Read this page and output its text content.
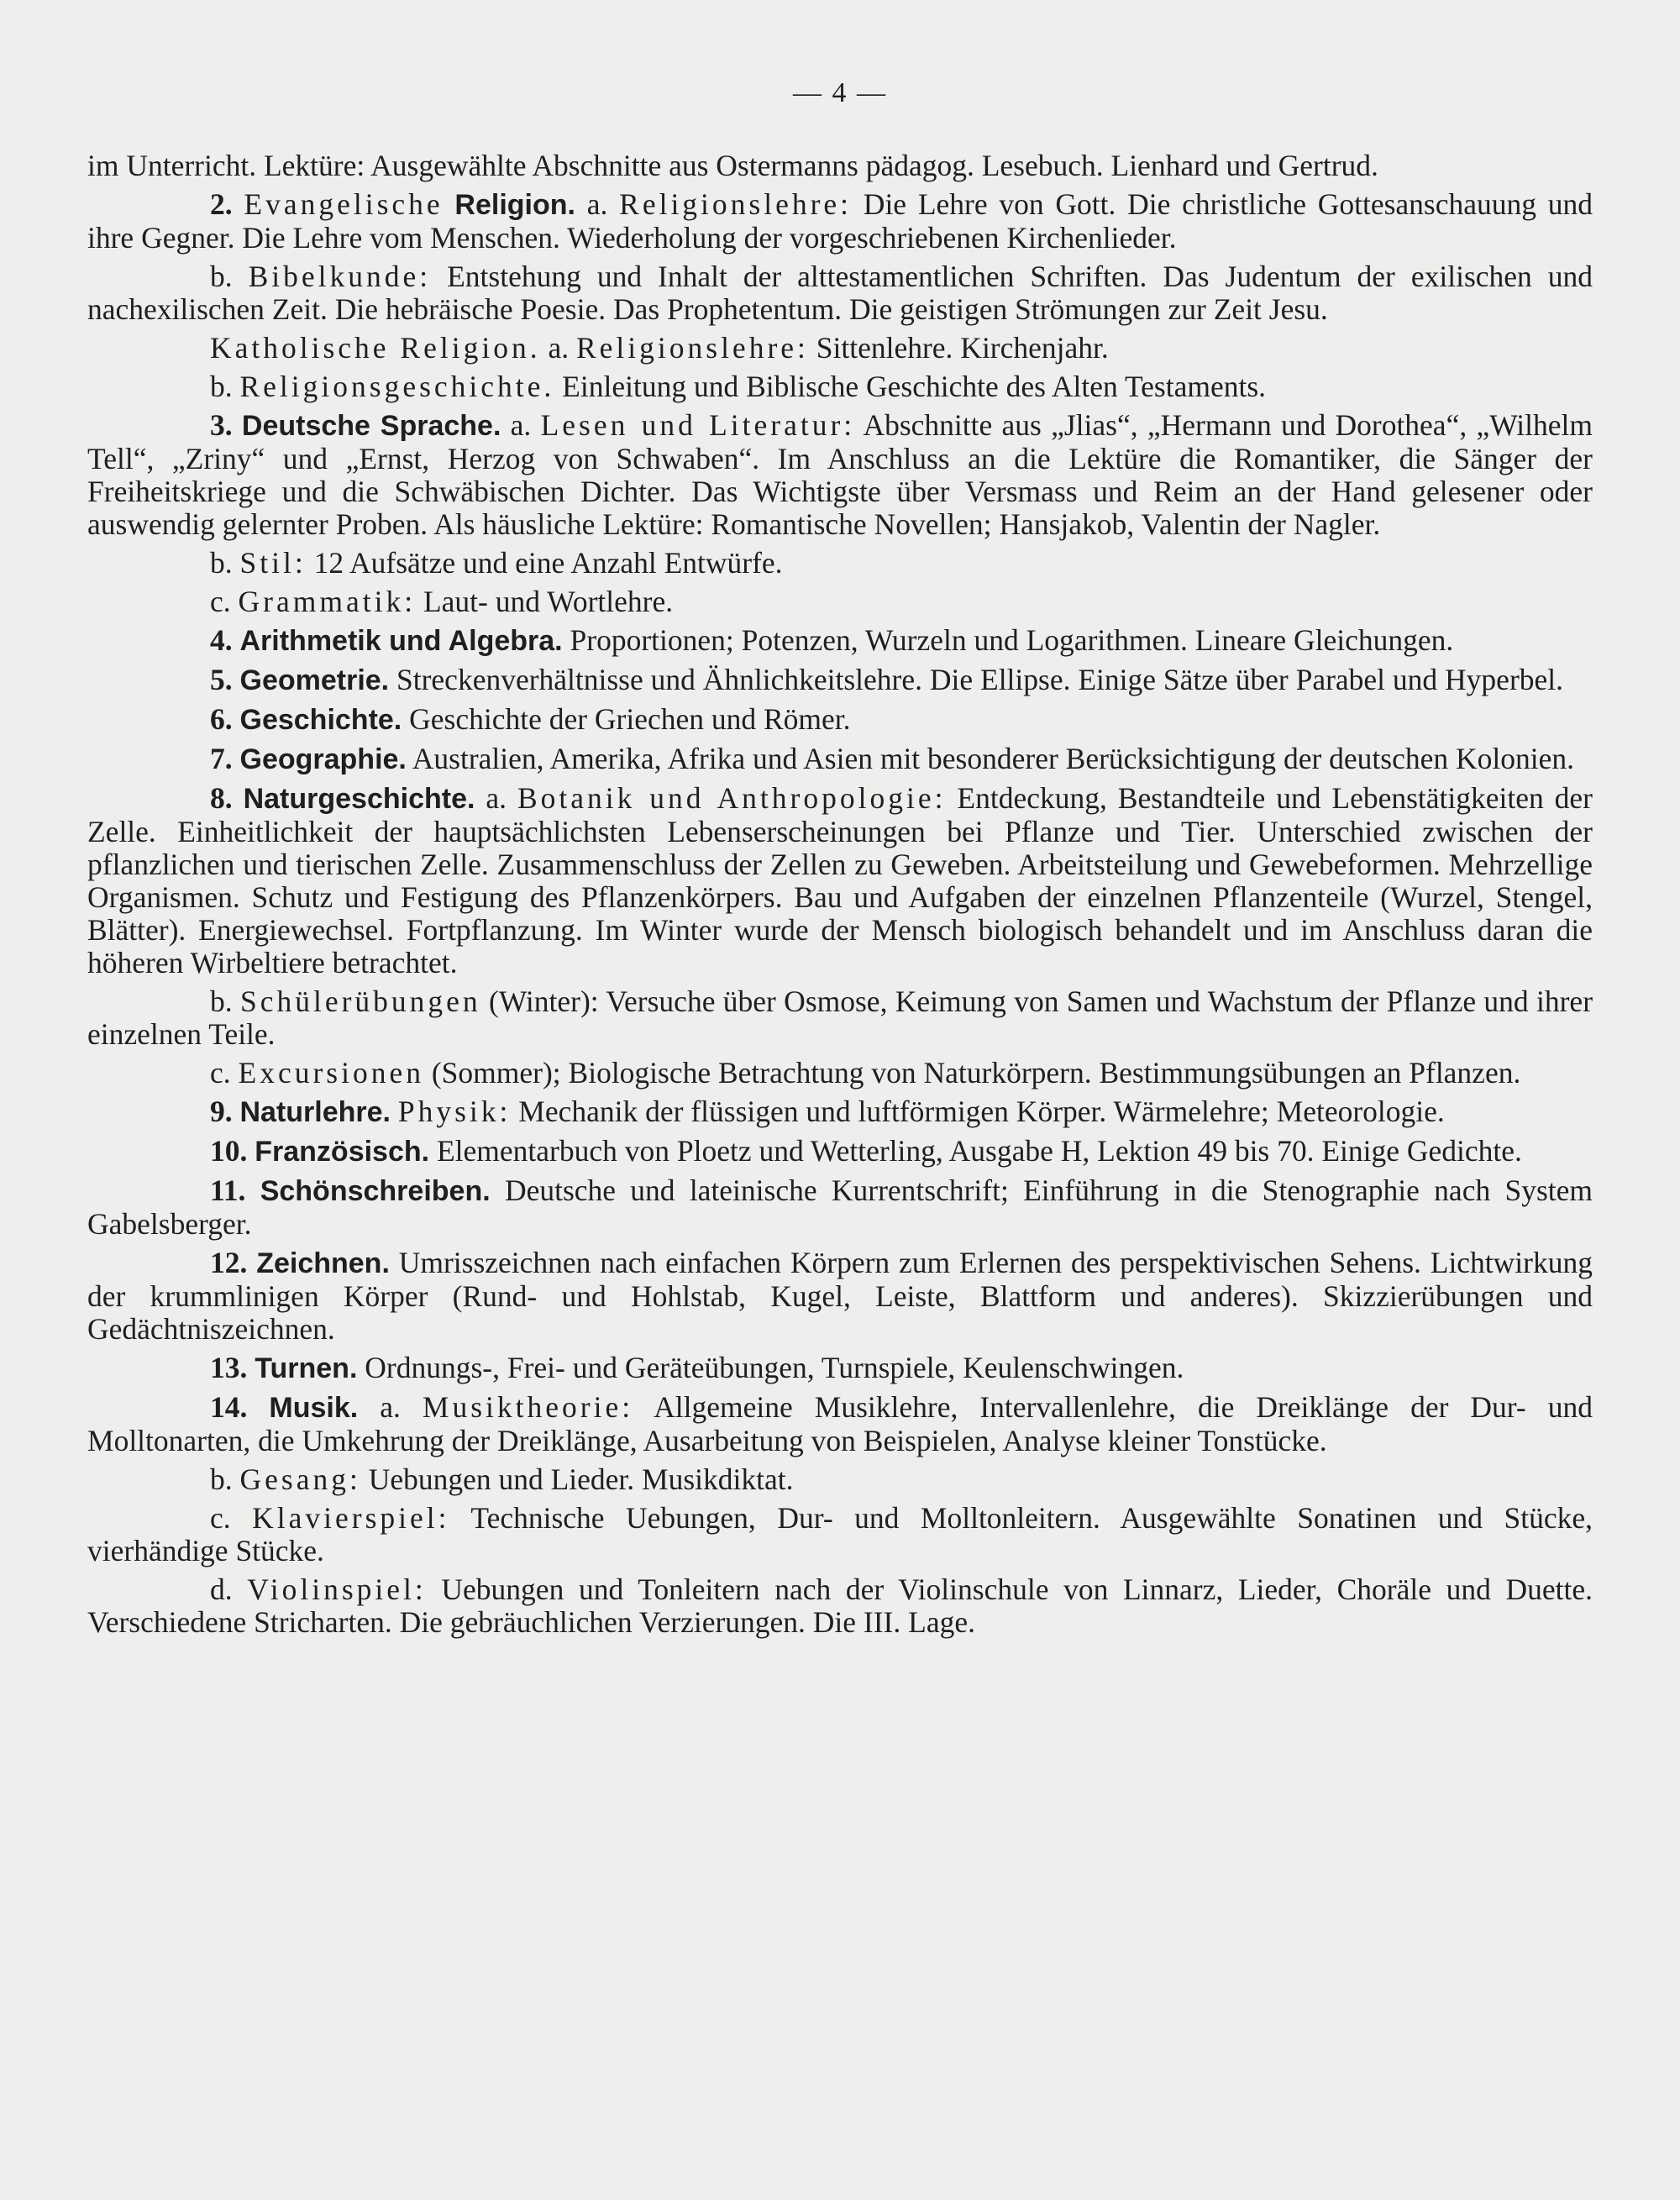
— 4 —

im Unterricht. Lektüre: Ausgewählte Abschnitte aus Ostermanns pädagog. Lesebuch. Lienhard und Gertrud.

2. Evangelische Religion. a. Religionslehre: Die Lehre von Gott. Die christliche Gottesanschauung und ihre Gegner. Die Lehre vom Menschen. Wiederholung der vorgeschriebenen Kirchenlieder.

b. Bibelkunde: Entstehung und Inhalt der alttestamentlichen Schriften. Das Judentum der exilischen und nachexilischen Zeit. Die hebräische Poesie. Das Prophetentum. Die geistigen Strömungen zur Zeit Jesu.

Katholische Religion. a. Religionslehre: Sittenlehre. Kirchenjahr.

b. Religionsgeschichte. Einleitung und Biblische Geschichte des Alten Testaments.

3. Deutsche Sprache. a. Lesen und Literatur: Abschnitte aus „Jlias“, „Hermann und Dorothea“, „Wilhelm Tell“, „Zriny“ und „Ernst, Herzog von Schwaben“. Im Anschluss an die Lektüre die Romantiker, die Sänger der Freiheitskriege und die Schwäbischen Dichter. Das Wichtigste über Versmass und Reim an der Hand gelesener oder auswendig gelernter Proben. Als häusliche Lektüre: Romantische Novellen; Hansjakob, Valentin der Nagler.

b. Stil: 12 Aufsätze und eine Anzahl Entwürfe.

c. Grammatik: Laut- und Wortlehre.

4. Arithmetik und Algebra. Proportionen; Potenzen, Wurzeln und Logarithmen. Lineare Gleichungen.

5. Geometrie. Streckenverhältnisse und Ähnlichkeitslehre. Die Ellipse. Einige Sätze über Parabel und Hyperbel.

6. Geschichte. Geschichte der Griechen und Römer.

7. Geographie. Australien, Amerika, Afrika und Asien mit besonderer Berücksichtigung der deutschen Kolonien.

8. Naturgeschichte. a. Botanik und Anthropologie: Entdeckung, Bestandteile und Lebenstätigkeiten der Zelle. Einheitlichkeit der hauptsächlichsten Lebenserscheinungen bei Pflanze und Tier. Unterschied zwischen der pflanzlichen und tierischen Zelle. Zusammenschluss der Zellen zu Geweben. Arbeitsteilung und Gewebeformen. Mehrzellige Organismen. Schutz und Festigung des Pflanzenkörpers. Bau und Aufgaben der einzelnen Pflanzenteile (Wurzel, Stengel, Blätter). Energiewechsel. Fortpflanzung. Im Winter wurde der Mensch biologisch behandelt und im Anschluss daran die höheren Wirbeltiere betrachtet.

b. Schülerübungen (Winter): Versuche über Osmose, Keimung von Samen und Wachstum der Pflanze und ihrer einzelnen Teile.

c. Excursionen (Sommer); Biologische Betrachtung von Naturkörpern. Bestimmungsübungen an Pflanzen.

9. Naturlehre. Physik: Mechanik der flüssigen und luftförmigen Körper. Wärmelehre; Meteorologie.

10. Französisch. Elementarbuch von Ploetz und Wetterling, Ausgabe H, Lektion 49 bis 70. Einige Gedichte.

11. Schönschreiben. Deutsche und lateinische Kurrentschrift; Einführung in die Stenographie nach System Gabelsberger.

12. Zeichnen. Umrisszeichnen nach einfachen Körpern zum Erlernen des perspektivischen Sehens. Lichtwirkung der krummlinigen Körper (Rund- und Hohlstab, Kugel, Leiste, Blattform und anderes). Skizzierübungen und Gedächtniszeichnen.

13. Turnen. Ordnungs-, Frei- und Geräteübungen, Turnspiele, Keulenschwingen.

14. Musik. a. Musiktheorie: Allgemeine Musiklehre, Intervallenlehre, die Dreiklänge der Dur- und Molltonarten, die Umkehrung der Dreiklänge, Ausarbeitung von Beispielen, Analyse kleiner Tonstücke.

b. Gesang: Uebungen und Lieder. Musikdiktat.

c. Klavierspiel: Technische Uebungen, Dur- und Molltonleitern. Ausgewählte Sonatinen und Stücke, vierhändige Stücke.

d. Violinspiel: Uebungen und Tonleitern nach der Violinschule von Linnarz, Lieder, Choräle und Duette. Verschiedene Stricharten. Die gebräuchlichen Verzierungen. Die III. Lage.
